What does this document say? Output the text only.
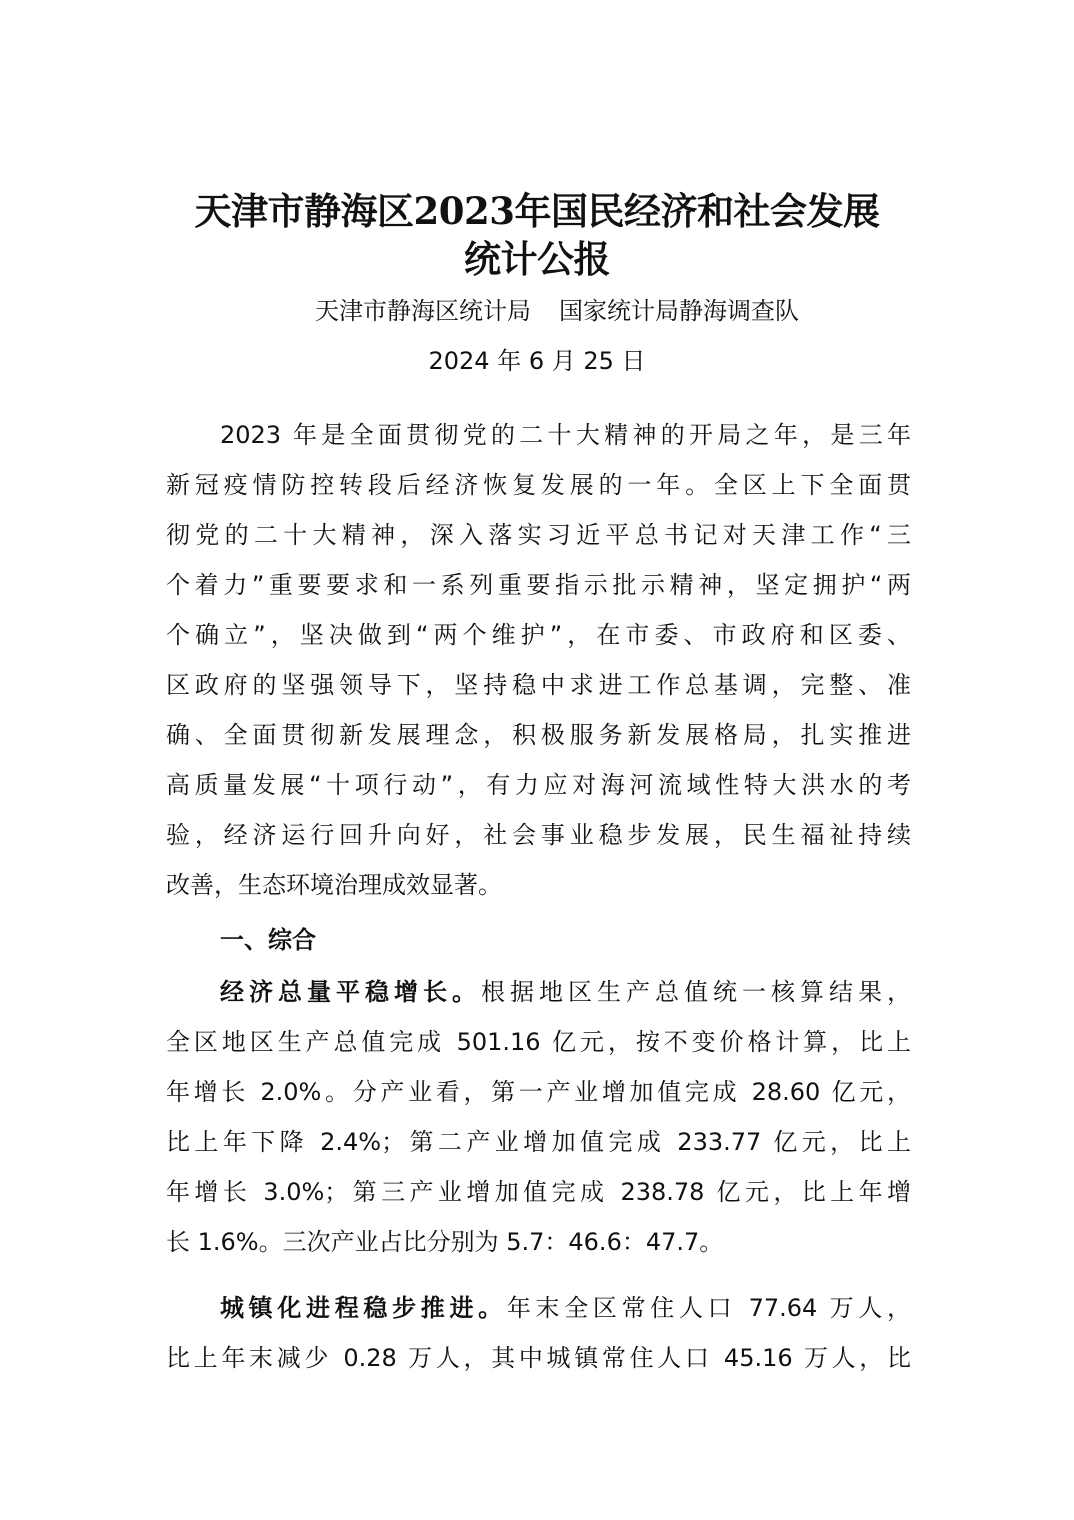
天津市静海区2023年国民经济和社会发展
统计公报
天津市静海区统计局 国家统计局静海调查队
2024 年 6 月 25 日
2023 年是全面贯彻党的二十大精神的开局之年，是三年
新冠疫情防控转段后经济恢复发展的一年。全区上下全面贯
彻党的二十大精神，深入落实习近平总书记对天津工作“三
个着力”重要要求和一系列重要指示批示精神，坚定拥护“两
个确立”，坚决做到“两个维护”，在市委、市政府和区委、
区政府的坚强领导下，坚持稳中求进工作总基调，完整、准
确、全面贯彻新发展理念，积极服务新发展格局，扎实推进
高质量发展“十项行动”，有力应对海河流域性特大洪水的考
验，经济运行回升向好，社会事业稳步发展，民生福祉持续
改善，生态环境治理成效显著。
一、综合
经济总量平稳增长。根据地区生产总值统一核算结果，
全区地区生产总值完成 501.16 亿元，按不变价格计算，比上
年增长 2.0%。分产业看，第一产业增加值完成 28.60 亿元，
比上年下降 2.4%；第二产业增加值完成 233.77 亿元，比上
年增长 3.0%；第三产业增加值完成 238.78 亿元，比上年增
长 1.6%。三次产业占比分别为 5.7：46.6：47.7。
城镇化进程稳步推进。年末全区常住人口 77.64 万人，
比上年末减少 0.28 万人，其中城镇常住人口 45.16 万人，比
